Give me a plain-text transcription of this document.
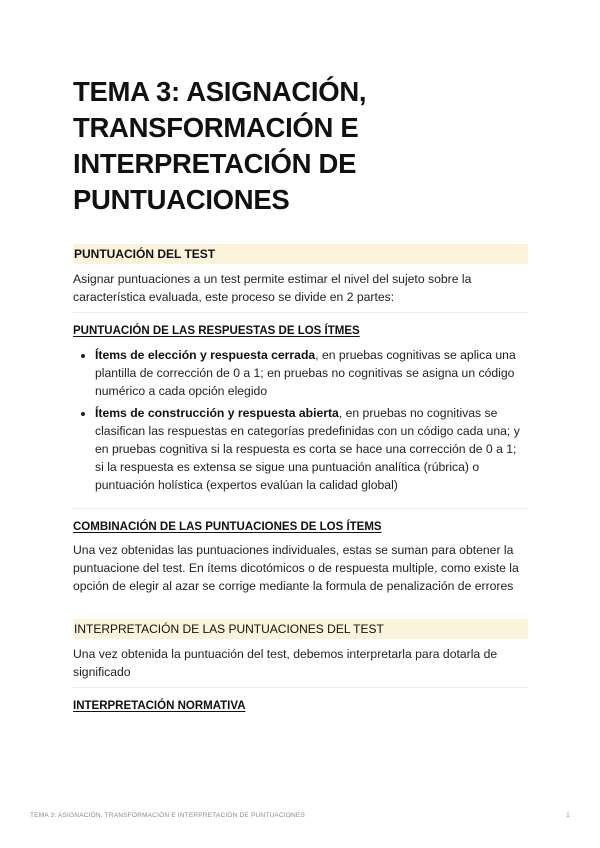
TEMA 3: ASIGNACIÓN, TRANSFORMACIÓN E INTERPRETACIÓN DE PUNTUACIONES
PUNTUACIÓN DEL TEST

Asignar puntuaciones a un test permite estimar el nivel del sujeto sobre la característica evaluada, este proceso se divide en 2 partes:

PUNTUACIÓN DE LAS RESPUESTAS DE LOS ÍTMES
• Ítems de elección y respuesta cerrada, en pruebas cognitivas se aplica una plantilla de corrección de 0 a 1; en pruebas no cognitivas se asigna un código numérico a cada opción elegido
• Ítems de construcción y respuesta abierta, en pruebas no cognitivas se clasifican las respuestas en categorías predefinidas con un código cada una; y en pruebas cognitiva si la respuesta es corta se hace una corrección de 0 a 1; si la respuesta es extensa se sigue una puntuación analítica (rúbrica) o puntuación holística (expertos evalúan la calidad global)
COMBINACIÓN DE LAS PUNTUACIONES DE LOS ÍTEMS

Una vez obtenidas las puntuaciones individuales, estas se suman para obtener la puntuacione del test. En ítems dicotómicos o de respuesta multiple, como existe la opción de elegir al azar se corrige mediante la formula de penalización de errores

INTERPRETACIÓN DE LAS PUNTUACIONES DEL TEST

Una vez obtenida la puntuación del test, debemos interpretarla para dotarla de significado

INTERPRETACIÓN NORMATIVA
TEMA 3: ASIGNACIÓN, TRANSFORMACIÓN E INTERPRETACIÓN DE PUNTUACIONES	1
